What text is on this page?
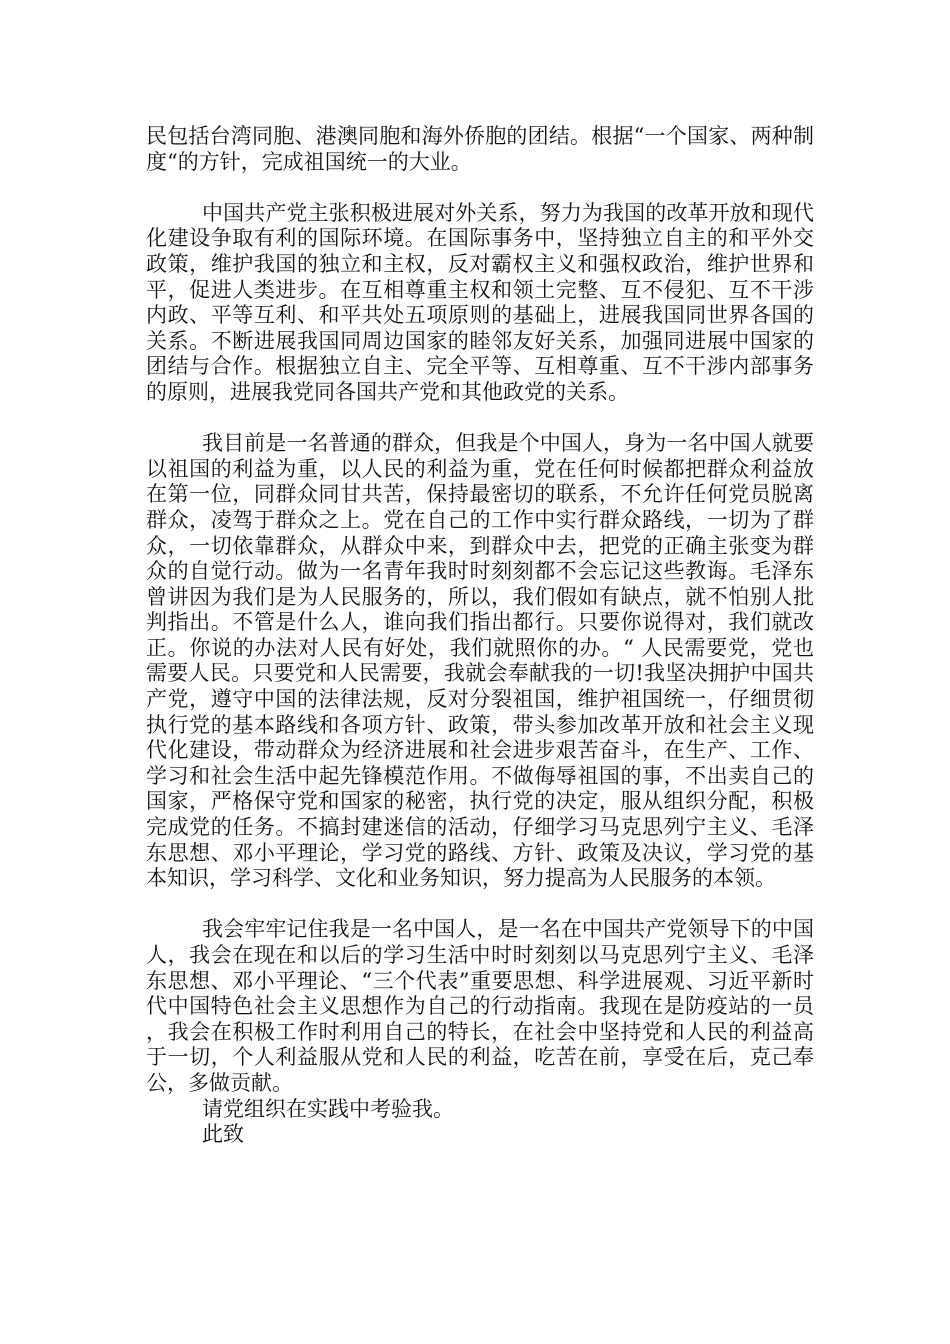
民包括台湾同胞、港澳同胞和海外侨胞的团结。根据“一个国家、两种制度“的方针，完成祖国统一的大业。

中国共产党主张积极进展对外关系，努力为我国的改革开放和现代化建设争取有利的国际环境。在国际事务中，坚持独立自主的和平外交政策，维护我国的独立和主权，反对霸权主义和强权政治，维护世界和平，促进人类进步。在互相尊重主权和领土完整、互不侵犯、互不干涉内政、平等互利、和平共处五项原则的基础上，进展我国同世界各国的关系。不断进展我国同周边国家的睦邻友好关系，加强同进展中国家的团结与合作。根据独立自主、完全平等、互相尊重、互不干涉内部事务的原则，进展我党同各国共产党和其他政党的关系。

我目前是一名普通的群众，但我是个中国人，身为一名中国人就要以祖国的利益为重，以人民的利益为重，党在任何时候都把群众利益放在第一位，同群众同甘共苦，保持最密切的联系，不允许任何党员脱离群众，凌驾于群众之上。党在自己的工作中实行群众路线，一切为了群众，一切依靠群众，从群众中来，到群众中去，把党的正确主张变为群众的自觉行动。做为一名青年我时时刻刻都不会忘记这些教诲。毛泽东曾讲因为我们是为人民服务的，所以，我们假如有缺点，就不怕别人批判指出。不管是什么人，谁向我们指出都行。只要你说得对，我们就改正。你说的办法对人民有好处，我们就照你的办。“ 人民需要党，党也需要人民。只要党和人民需要，我就会奉献我的一切!我坚决拥护中国共产党，遵守中国的法律法规，反对分裂祖国，维护祖国统一，仔细贯彻执行党的基本路线和各项方针、政策，带头参加改革开放和社会主义现代化建设，带动群众为经济进展和社会进步艰苦奋斗，在生产、工作、学习和社会生活中起先锋模范作用。不做侮辱祖国的事，不出卖自己的国家，严格保守党和国家的秘密，执行党的决定，服从组织分配，积极完成党的任务。不搞封建迷信的活动，仔细学习马克思列宁主义、毛泽东思想、邓小平理论，学习党的路线、方针、政策及决议，学习党的基本知识，学习科学、文化和业务知识，努力提高为人民服务的本领。

我会牢牢记住我是一名中国人，是一名在中国共产党领导下的中国人，我会在现在和以后的学习生活中时时刻刻以马克思列宁主义、毛泽东思想、邓小平理论、“三个代表”重要思想、科学进展观、习近平新时代中国特色社会主义思想作为自己的行动指南。我现在是防疫站的一员，我会在积极工作时利用自己的特长，在社会中坚持党和人民的利益高于一切，个人利益服从党和人民的利益，吃苦在前，享受在后，克己奉公，多做贡献。

请党组织在实践中考验我。

此致
